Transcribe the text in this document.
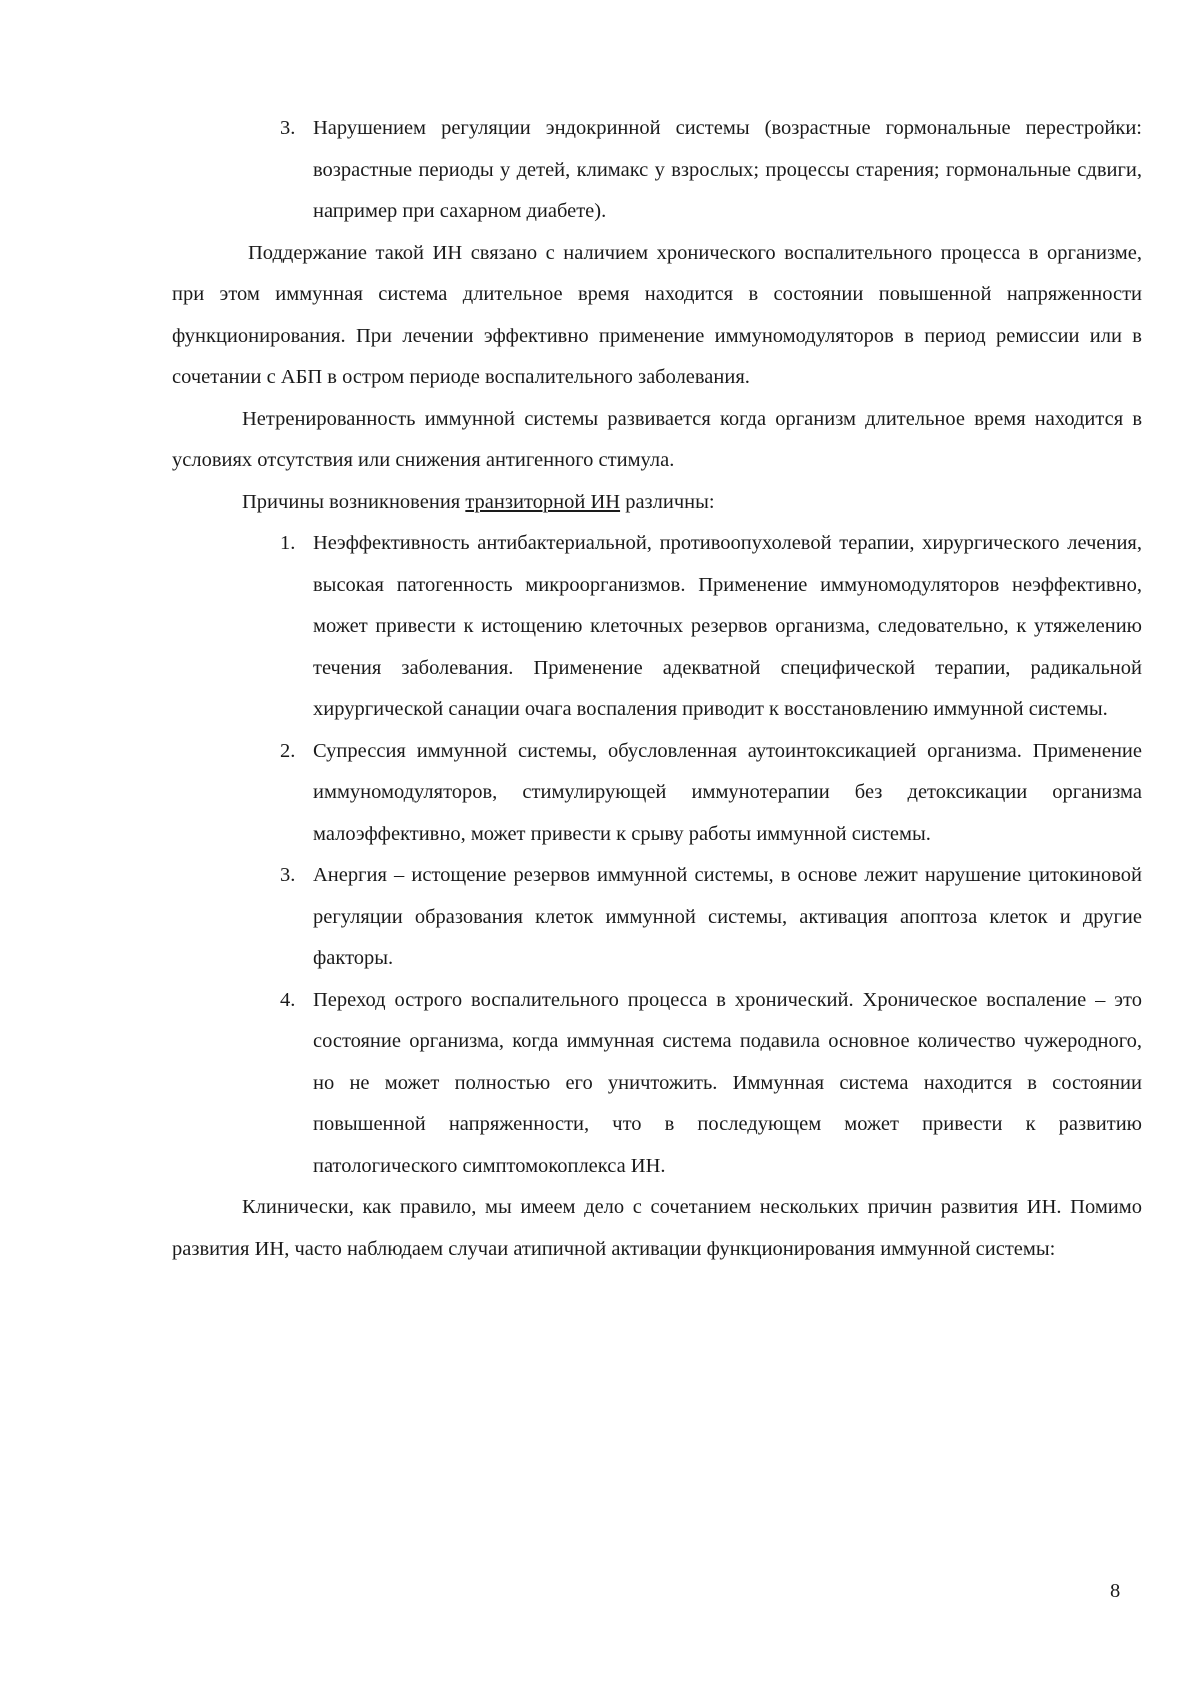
3. Нарушением регуляции эндокринной системы (возрастные гормональные перестройки: возрастные периоды у детей, климакс у взрослых; процессы старения; гормональные сдвиги, например при сахарном диабете).

Поддержание такой ИН связано с наличием хронического воспалительного процесса в организме, при этом иммунная система длительное время находится в состоянии повышенной напряженности функционирования. При лечении эффективно применение иммуномодуляторов в период ремиссии или в сочетании с АБП в остром периоде воспалительного заболевания.

Нетренированность иммунной системы развивается когда организм длительное время находится в условиях отсутствия или снижения антигенного стимула.

Причины возникновения транзиторной ИН различны:

1. Неэффективность антибактериальной, противоопухолевой терапии, хирургического лечения, высокая патогенность микроорганизмов. Применение иммуномодуляторов неэффективно, может привести к истощению клеточных резервов организма, следовательно, к утяжелению течения заболевания. Применение адекватной специфической терапии, радикальной хирургической санации очага воспаления приводит к восстановлению иммунной системы.
2. Супрессия иммунной системы, обусловленная аутоинтоксикацией организма. Применение иммуномодуляторов, стимулирующей иммунотерапии без детоксикации организма малоэффективно, может привести к срыву работы иммунной системы.
3. Анергия – истощение резервов иммунной системы, в основе лежит нарушение цитокиновой регуляции образования клеток иммунной системы, активация апоптоза клеток и другие факторы.
4. Переход острого воспалительного процесса в хронический. Хроническое воспаление – это состояние организма, когда иммунная система подавила основное количество чужеродного, но не может полностью его уничтожить. Иммунная система находится в состоянии повышенной напряженности, что в последующем может привести к развитию патологического симптомокоплекса ИН.

Клинически, как правило, мы имеем дело с сочетанием нескольких причин развития ИН. Помимо развития ИН, часто наблюдаем случаи атипичной активации функционирования иммунной системы:

8
